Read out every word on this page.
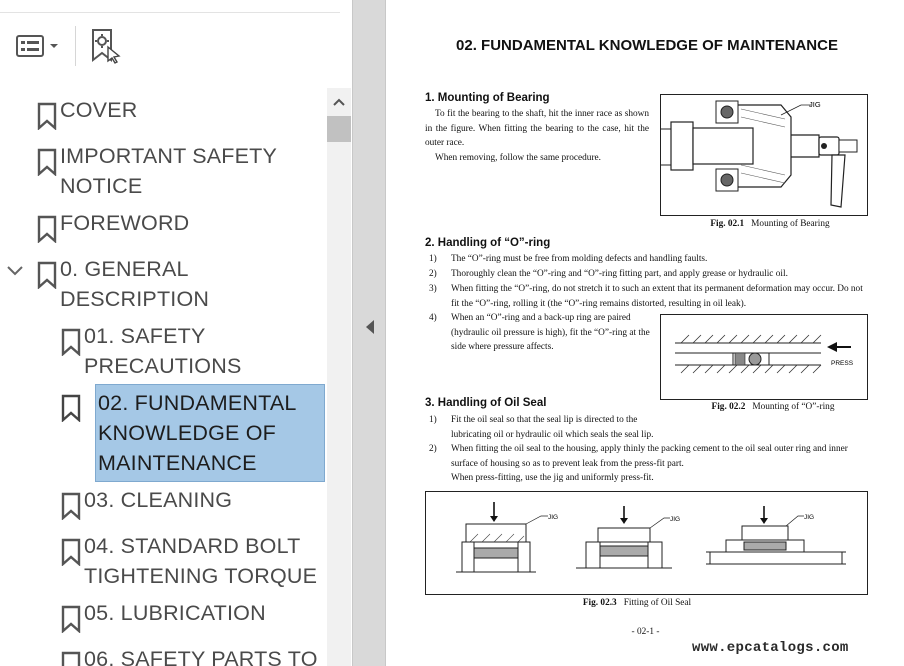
COVER
IMPORTANT SAFETY NOTICE
FOREWORD
0. GENERAL DESCRIPTION
01. SAFETY PRECAUTIONS
02. FUNDAMENTAL KNOWLEDGE OF MAINTENANCE
03. CLEANING
04. STANDARD BOLT TIGHTENING TORQUE
05. LUBRICATION
06. SAFETY PARTS TO
02. FUNDAMENTAL KNOWLEDGE OF MAINTENANCE
1. Mounting of Bearing
To fit the bearing to the shaft, hit the inner race as shown in the figure. When fitting the bearing to the case, hit the outer race.
When removing, follow the same procedure.
JIG
Fig. 02.1 Mounting of Bearing
2. Handling of “O”-ring
1)	The “O”-ring must be free from molding defects and handling faults.
2)	Thoroughly clean the “O”-ring and “O”-ring fitting part, and apply grease or hydraulic oil.
3)	When fitting the “O”-ring, do not stretch it to such an extent that its permanent deformation may occur. Do not fit the “O”-ring, rolling it (the “O”-ring remains distorted, resulting in oil leak).
4)	When an “O”-ring and a back-up ring are paired (hydraulic oil pressure is high), fit the “O”-ring at the side where pressure affects.
PRESS
Fig. 02.2 Mounting of “O”-ring
3. Handling of Oil Seal
1)	Fit the oil seal so that the seal lip is directed to the lubricating oil or hydraulic oil which seals the seal lip.
2)	When fitting the oil seal to the housing, apply thinly the packing cement to the oil seal outer ring and inner surface of housing so as to prevent leak from the press-fit part.
When press-fitting, use the jig and uniformly press-fit.
JIG	JIG	JIG
Fig. 02.3 Fitting of Oil Seal
- 02-1 -
www.epcatalogs.com
